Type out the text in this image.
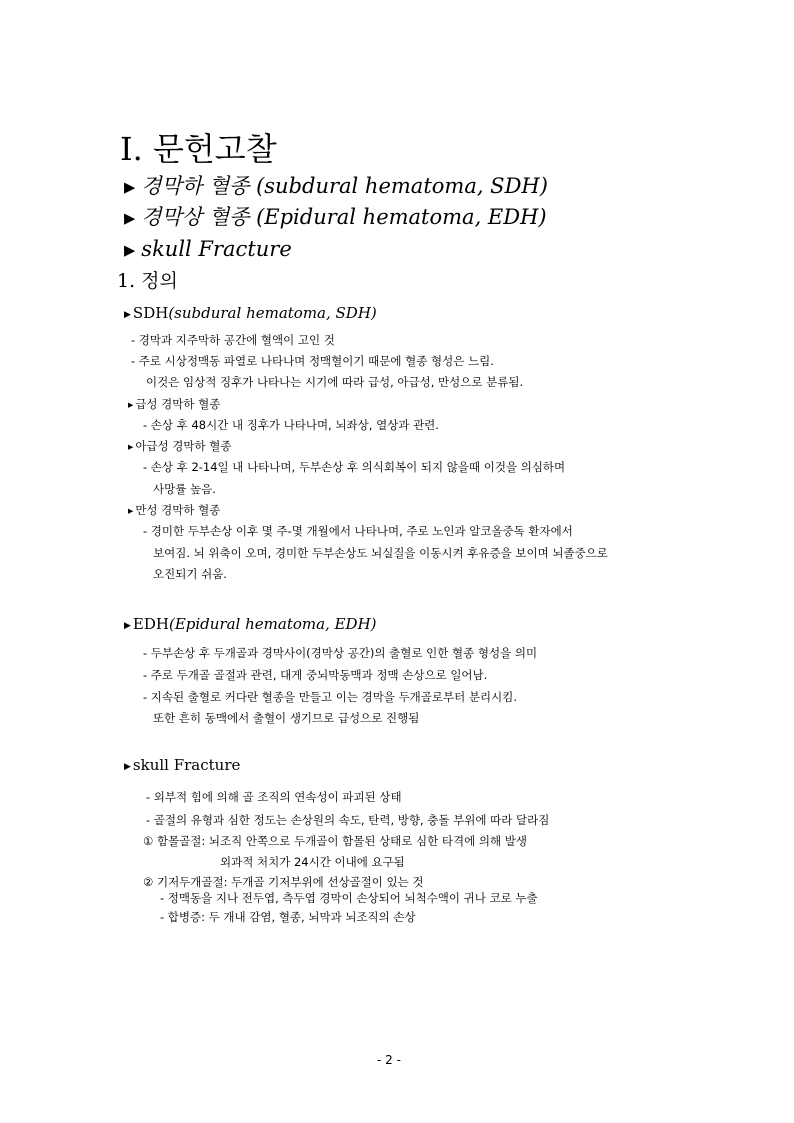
Ⅰ. 문헌고찰
▶ 경막하 혈종 (subdural hematoma, SDH)
▶ 경막상 혈종 (Epidural hematoma, EDH)
▶ skull Fracture
1. 정의
▶ SDH(subdural hematoma, SDH)
- 경막과 지주막하 공간에 혈액이 고인 것
- 주로 시상정맥동 파열로 나타나며 정맥혈이기 때문에 혈종 형성은 느림.
이것은 임상적 징후가 나타나는 시기에 따라 급성, 아급성, 만성으로 분류됨.
▶ 급성 경막하 혈종
- 손상 후 48시간 내 징후가 나타나며, 뇌좌상, 열상과 관련.
▶ 아급성 경막하 혈종
- 손상 후 2-14일 내 나타나며, 두부손상 후 의식회복이 되지 않을때 이것을 의심하며
사망률 높음.
▶ 만성 경막하 혈종
- 경미한 두부손상 이후 몇 주-몇 개월에서 나타나며, 주로 노인과 알코올중독 환자에서
보여짐. 뇌 위축이 오며, 경미한 두부손상도 뇌실질을 이동시켜 후유증을 보이며 뇌졸중으로
오진되기 쉬움.
▶ EDH(Epidural hematoma, EDH)
- 두부손상 후 두개골과 경막사이(경막상 공간)의 출혈로 인한 혈종 형성을 의미
- 주로 두개골 골절과 관련, 대게 중뇌막동맥과 정맥 손상으로 일어남.
- 지속된 출혈로 커다란 혈종을 만들고 이는 경막을 두개골로부터 분리시킴.
또한 흔히 동맥에서 출혈이 생기므로 급성으로 진행됨
▶ skull Fracture
- 외부적 힘에 의해 골 조직의 연속성이 파괴된 상태
- 골절의 유형과 심한 정도는 손상원의 속도, 탄력, 방향, 충돌 부위에 따라 달라짐
① 함몰골절: 뇌조직 안쪽으로 두개골이 함몰된 상태로 심한 타격에 의해 발생
외과적 처치가 24시간 이내에 요구됨
② 기저두개골절: 두개골 기저부위에 선상골절이 있는 것
- 정맥동을 지나 전두엽, 측두엽 경막이 손상되어 뇌척수액이 귀나 코로 누출
- 합병증: 두 개내 감염, 혈종, 뇌막과 뇌조직의 손상
- 2 -
